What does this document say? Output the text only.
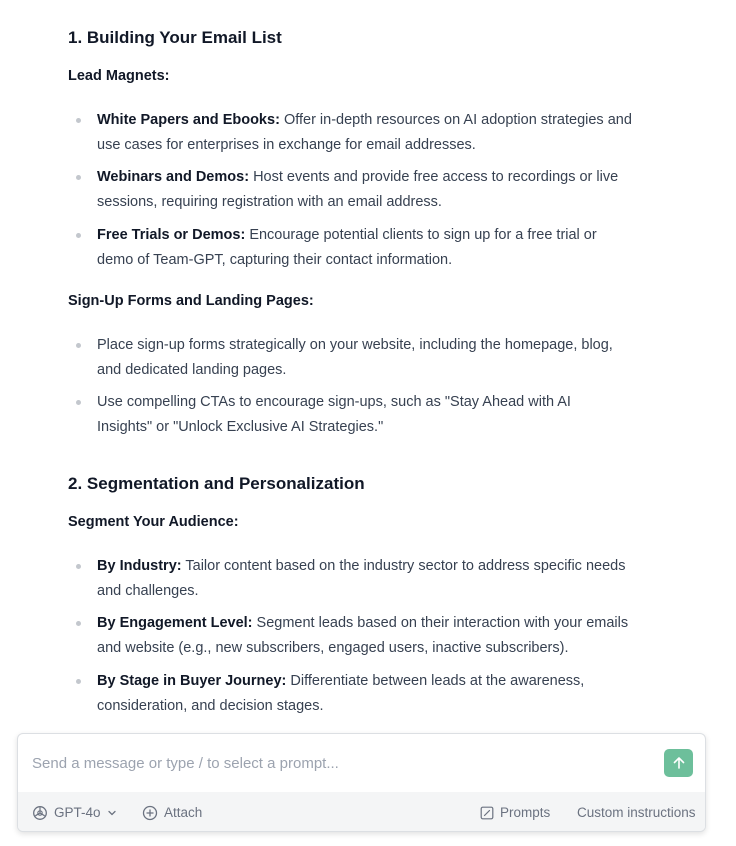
1. Building Your Email List
Lead Magnets:
White Papers and Ebooks: Offer in-depth resources on AI adoption strategies and
use cases for enterprises in exchange for email addresses.
Webinars and Demos: Host events and provide free access to recordings or live
sessions, requiring registration with an email address.
Free Trials or Demos: Encourage potential clients to sign up for a free trial or
demo of Team-GPT, capturing their contact information.
Sign-Up Forms and Landing Pages:
Place sign-up forms strategically on your website, including the homepage, blog,
and dedicated landing pages.
Use compelling CTAs to encourage sign-ups, such as "Stay Ahead with AI
Insights" or "Unlock Exclusive AI Strategies."
2. Segmentation and Personalization
Segment Your Audience:
By Industry: Tailor content based on the industry sector to address specific needs
and challenges.
By Engagement Level: Segment leads based on their interaction with your emails
and website (e.g., new subscribers, engaged users, inactive subscribers).
By Stage in Buyer Journey: Differentiate between leads at the awareness,
consideration, and decision stages.
Send a message or type / to select a prompt...
GPT-4o	Attach	Prompts Custom instructions
